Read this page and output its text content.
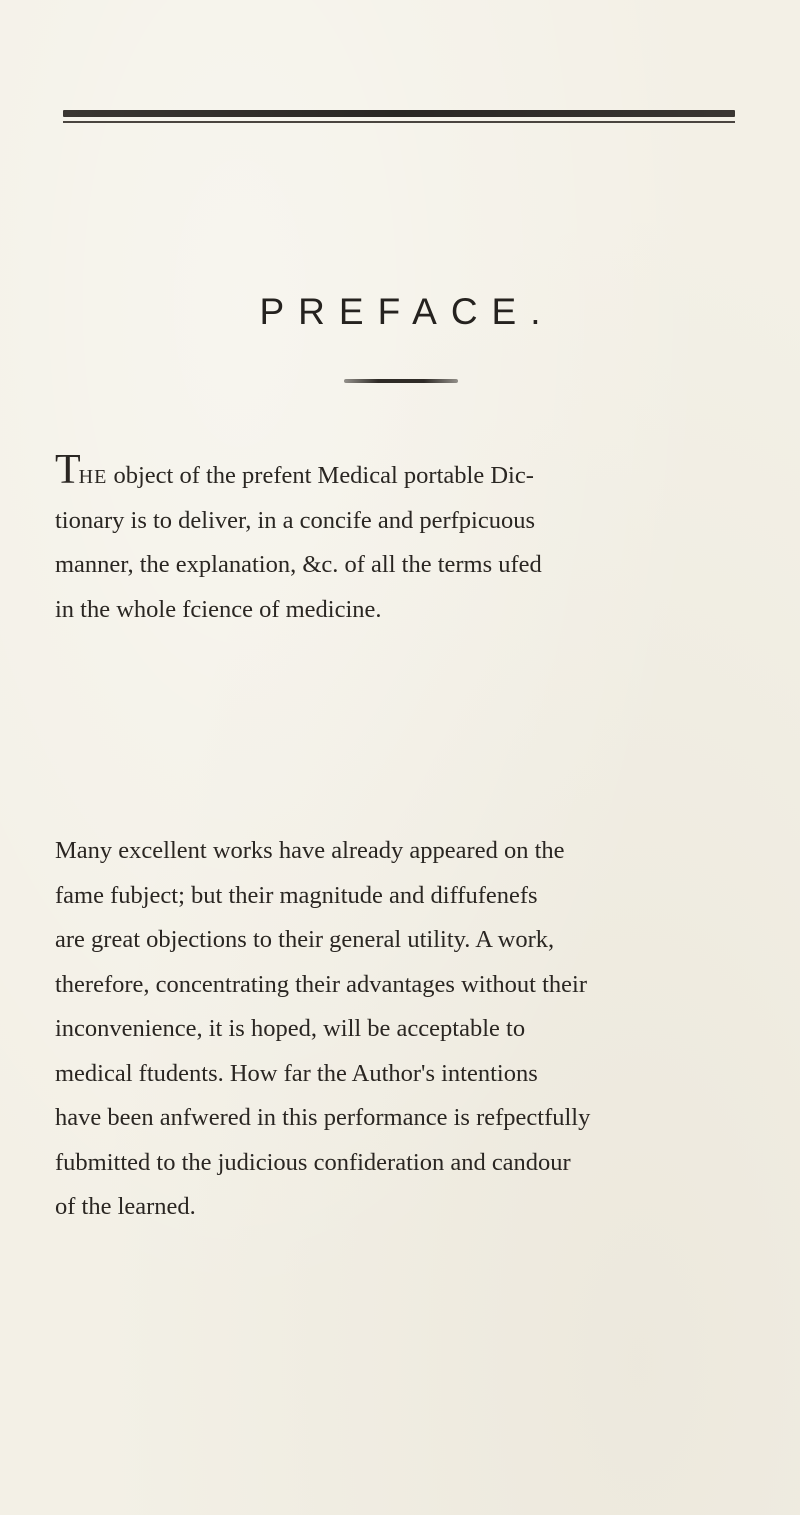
PREFACE.
THE object of the prefent Medical portable Dic-
tionary is to deliver, in a concife and perfpicuous
manner, the explanation, &c. of all the terms ufed
in the whole fcience of medicine.
Many excellent works have already appeared on the
fame fubject; but their magnitude and diffufenefs
are great objections to their general utility. A work,
therefore, concentrating their advantages without their
inconvenience, it is hoped, will be acceptable to
medical ftudents. How far the Author's intentions
have been anfwered in this performance is refpectfully
fubmitted to the judicious confideration and candour
of the learned.
